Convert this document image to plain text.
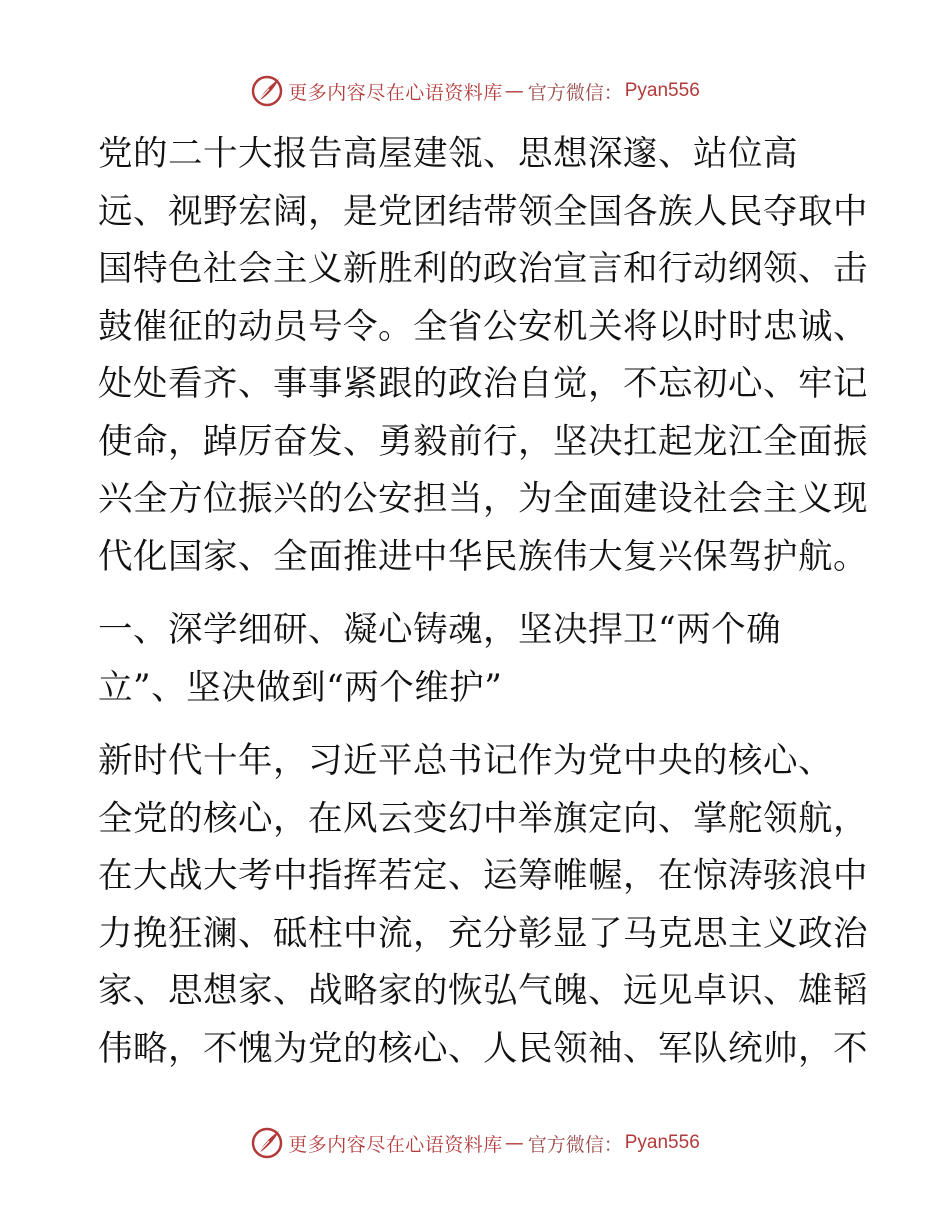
更多内容尽在心语资料库 — 官方微信： Pyan556

党的二十大报告高屋建瓴、思想深邃、站位高
远、视野宏阔，是党团结带领全国各族人民夺取中
国特色社会主义新胜利的政治宣言和行动纲领、击
鼓催征的动员号令。全省公安机关将以时时忠诚、
处处看齐、事事紧跟的政治自觉，不忘初心、牢记
使命，踔厉奋发、勇毅前行，坚决扛起龙江全面振
兴全方位振兴的公安担当，为全面建设社会主义现
代化国家、全面推进中华民族伟大复兴保驾护航。

一、深学细研、凝心铸魂，坚决捍卫“两个确
立”、坚决做到“两个维护”

新时代十年，习近平总书记作为党中央的核心、
全党的核心，在风云变幻中举旗定向、掌舵领航，
在大战大考中指挥若定、运筹帷幄，在惊涛骇浪中
力挽狂澜、砥柱中流，充分彰显了马克思主义政治
家、思想家、战略家的恢弘气魄、远见卓识、雄韬
伟略，不愧为党的核心、人民领袖、军队统帅，不

更多内容尽在心语资料库 — 官方微信： Pyan556
